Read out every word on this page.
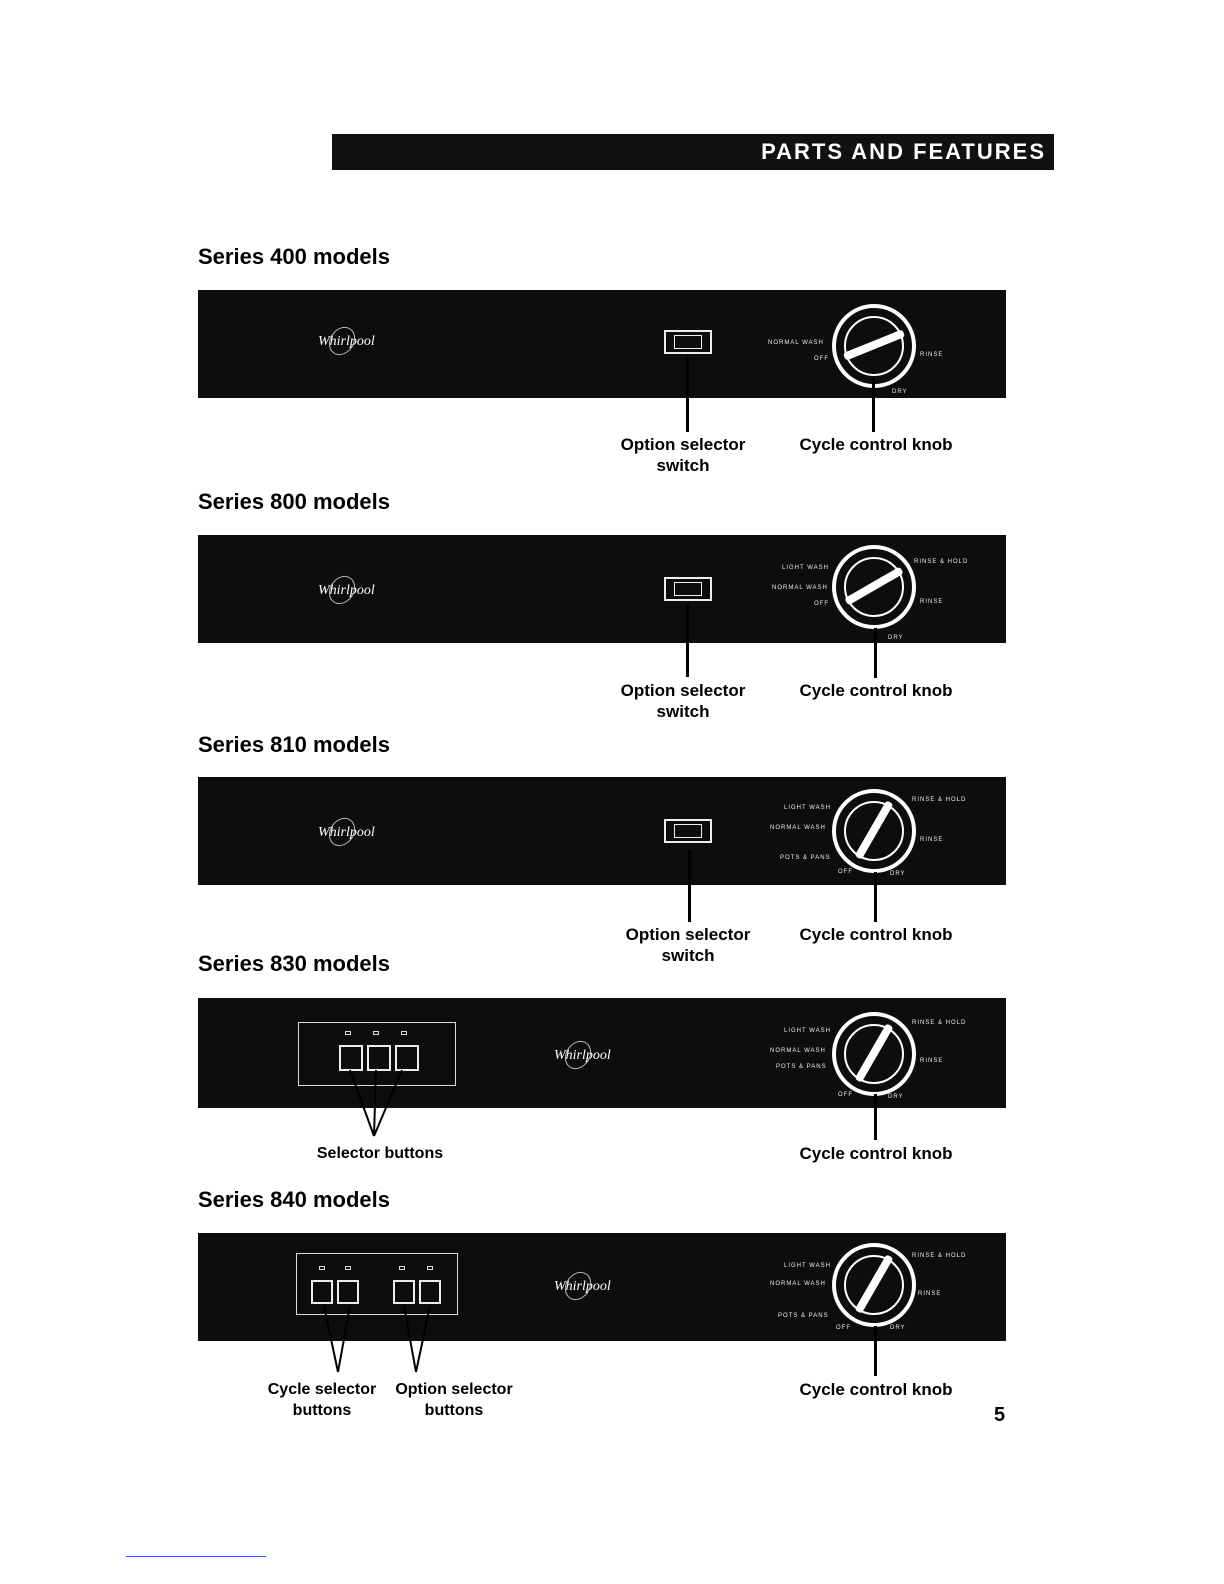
PARTS AND FEATURES
Series 400 models
Whirlpool	NORMAL WASH
OFF
RINSE
DRY
Option selector
switch
Cycle control knob
Series 800 models
Whirlpool
LIGHT WASH
NORMAL WASH
OFF
RINSE & HOLD
RINSE
DRY
Option selector
switch
Cycle control knob
Series 810 models
Whirlpool
LIGHT WASH
NORMAL WASH
POTS & PANS
OFF
RINSE & HOLD
RINSE
DRY
Option selector
switch
Cycle control knob
Series 830 models
Whirlpool
LIGHT WASH
NORMAL WASH
POTS & PANS
OFF
RINSE & HOLD
RINSE
DRY
Selector buttons	Cycle control knob
Series 840 models
Whirlpool
LIGHT WASH
NORMAL WASH
POTS & PANS
OFF
RINSE & HOLD
RINSE
DRY
Cycle selector
buttons
Option selector
buttons
Cycle control knob
5
